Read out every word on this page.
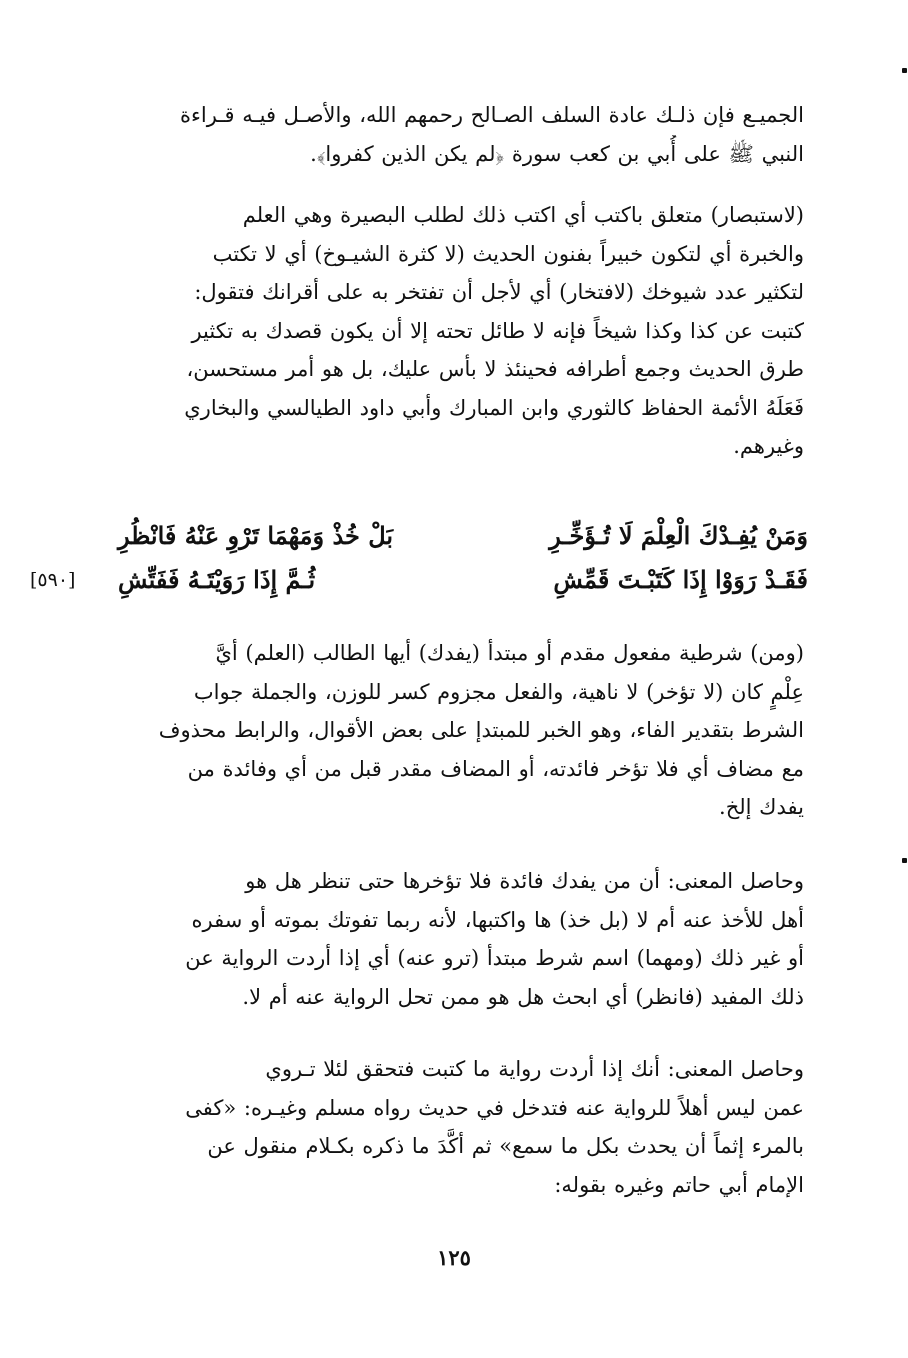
الجميـع فإن ذلـك عادة السلف الصـالح رحمهم الله، والأصـل فيـه قـراءة
النبي ﷺ على أُبي بن كعب سورة ﴿لم يكن الذين كفروا﴾.
(لاستبصار) متعلق باكتب أي اكتب ذلك لطلب البصيرة وهي العلم
والخبرة أي لتكون خبيراً بفنون الحديث (لا كثرة الشيـوخ) أي لا تكتب
لتكثير عدد شيوخك (لافتخار) أي لأجل أن تفتخر به على أقرانك فتقول:
كتبت عن كذا وكذا شيخاً فإنه لا طائل تحته إلا أن يكون قصدك به تكثير
طرق الحديث وجمع أطرافه فحينئذ لا بأس عليك، بل هو أمر مستحسن،
فَعَلَهُ الأئمة الحفاظ كالثوري وابن المبارك وأبي داود الطيالسي والبخاري
وغيرهم.
وَمَنْ يُفِـدْكَ الْعِلْمَ لَا تُـؤَخِّـرِ
بَلْ خُذْ وَمَهْمَا تَرْوِ عَنْهُ فَانْظُرِ
فَقَـدْ رَوَوْا إِذَا كَتَبْـتَ قَمِّشِ
ثُـمَّ إِذَا رَوَيْتَـهُ فَفَتِّشِ
[٥٩٠]
(ومن) شرطية مفعول مقدم أو مبتدأ (يفدك) أيها الطالب (العلم) أيَّ
عِلْمٍ كان (لا تؤخر) لا ناهية، والفعل مجزوم كسر للوزن، والجملة جواب
الشرط بتقدير الفاء، وهو الخبر للمبتدإ على بعض الأقوال، والرابط محذوف
مع مضاف أي فلا تؤخر فائدته، أو المضاف مقدر قبل من أي وفائدة من
يفدك إلخ.
وحاصل المعنى: أن من يفدك فائدة فلا تؤخرها حتى تنظر هل هو
أهل للأخذ عنه أم لا (بل خذ) ها واكتبها، لأنه ربما تفوتك بموته أو سفره
أو غير ذلك (ومهما) اسم شرط مبتدأ (ترو عنه) أي إذا أردت الرواية عن
ذلك المفيد (فانظر) أي ابحث هل هو ممن تحل الرواية عنه أم لا.
وحاصل المعنى: أنك إذا أردت رواية ما كتبت فتحقق لئلا تـروي
عمن ليس أهلاً للرواية عنه فتدخل في حديث رواه مسلم وغيـره: «كفى
بالمرء إثماً أن يحدث بكل ما سمع» ثم أكَّدَ ما ذكره بكـلام منقول عن
الإمام أبي حاتم وغيره بقوله:
١٢٥
